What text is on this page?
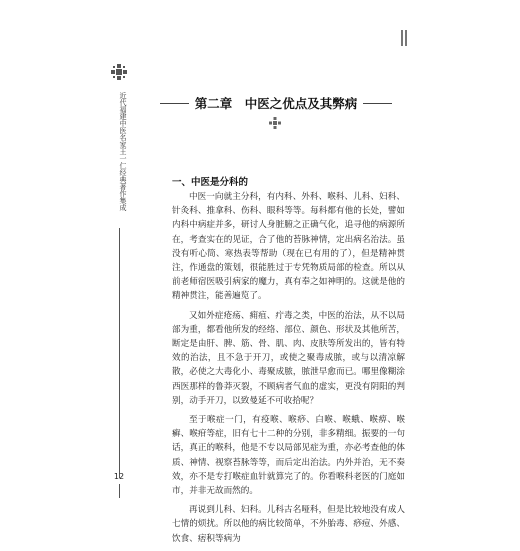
近代福建中医名家王一仁经典著作集成
12
第二章　中医之优点及其弊病
一、中医是分科的

中医一向就主分科，有内科、外科、喉科、儿科、妇科、针灸科、推拿科、伤科、眼科等等。每科都有他的长处，譬如内科中病症并多，研讨人身脏腑之正确气化，追寻他的病源所在，考查实在的见证，合了他的苔脉神情，定出病名治法。虽没有听心筒、寒热表等帮助（现在已有用的了），但是精神贯注，作通盘的策划，很能胜过于专凭物质局部的检查。所以从前老师宿医吸引病家的魔力，真有奉之如神明的。这就是他的精神贯注，能善遍览了。

又如外症疮疡、痈疽、疔毒之类，中医的治法，从不以局部为重，都看他所发的经络、部位、颜色、形状及其他所苦，断定是由肝、脾、筋、骨、肌、肉、皮肤等所发出的，皆有特效的治法，且不急于开刀，或使之聚毒成脓，或与以清凉解散，必使之大毒化小、毒聚成脓，脓泄早愈而已。哪里像糊涂西医那样的鲁莽灭裂，不顾病者气血的虚实，更没有阴阳的判别，动手开刀，以致曼延不可收拾呢？

至于喉症一门，有疫喉、喉痧、白喉、喉蛾、喉痹、喉癣、喉疳等症，旧有七十二种的分别，非多精细。振要的一句话，真正的喉科，他是不专以局部见症为重，亦必考查他的体质、神情、视察苔脉等等，而后定出治法。内外并治，无不奏效，亦不是专打喉症血针就算完了的。你看喉科老医的门庭如市，并非无故而然的。

再说到儿科、妇科。儿科古名哑科，但是比较地没有成人七情的烦扰。所以他的病比较简单，不外胎毒、痧痘、外感、饮食、痞积等病为
